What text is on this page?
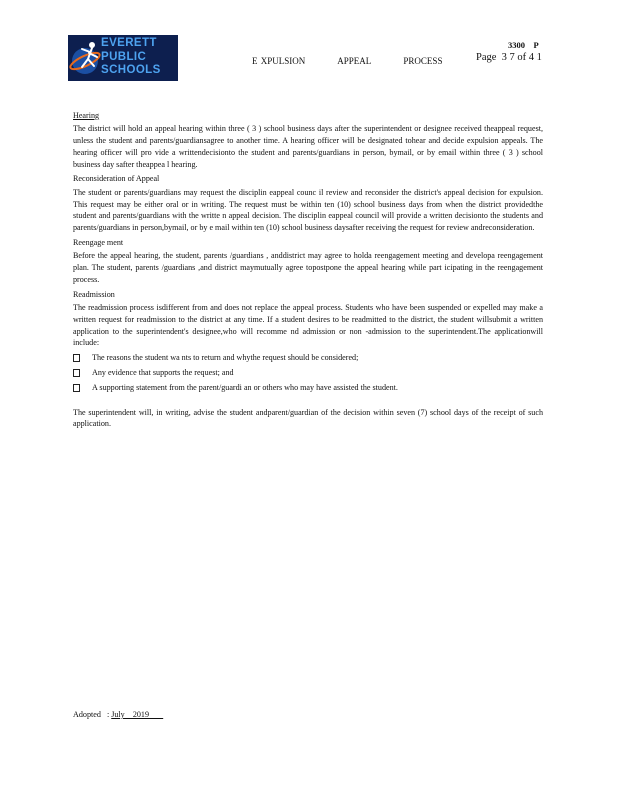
EVERETT
PUBLIC
SCHOOLS
E XPULSION          APPEAL          PROCESS
3300    P
Page  3 7 of 4 1
Hearing

The district will hold an appeal hearing within three ( 3 ) school business days after the superintendent or designee received theappeal request, unless the student and parents/guardiansagree to another time. A hearing officer will be designated tohear and decide expulsion appeals. The hearing officer will pro vide a writtendecisionto the student and parents/guardians in person, bymail, or by email within three ( 3 ) school business day safter theappea l hearing.

Reconsideration of Appeal

The student or parents/guardians may request the disciplin eappeal counc il review and reconsider the district's appeal decision for expulsion. This request may be either oral or in writing. The request must be within ten (10) school business days from when the district providedthe student and parents/guardians with the writte n appeal decision. The disciplin eappeal council will provide a written decisionto the students and parents/guardians in person,bymail, or by e mail within ten (10) school business daysafter receiving the request for review andreconsideration.

Reengage ment

Before the appeal hearing, the student, parents /guardians , anddistrict may agree to holda reengagement meeting and developa reengagement plan. The student, parents /guardians ,and district maymutually agree topostpone the appeal hearing while part icipating in the reengagement process.

Readmission

The readmission process isdifferent from and does not replace the appeal process. Students who have been suspended or expelled may make a written request for readmission to the district at any time. If a student desires to be readmitted to the district, the student willsubmit a written application to the superintendent's designee,who will recomme nd admission or non -admission to the superintendent.The applicationwill include:

The reasons the student wa nts to return and whythe request should be considered;
Any evidence that supports the request; and
A supporting statement from the parent/guardi an or others who may have assisted the student.

The superintendent will, in writing, advise the student andparent/guardian of the decision within seven (7) school days of the receipt of such application.

Adopted   : July    2019
